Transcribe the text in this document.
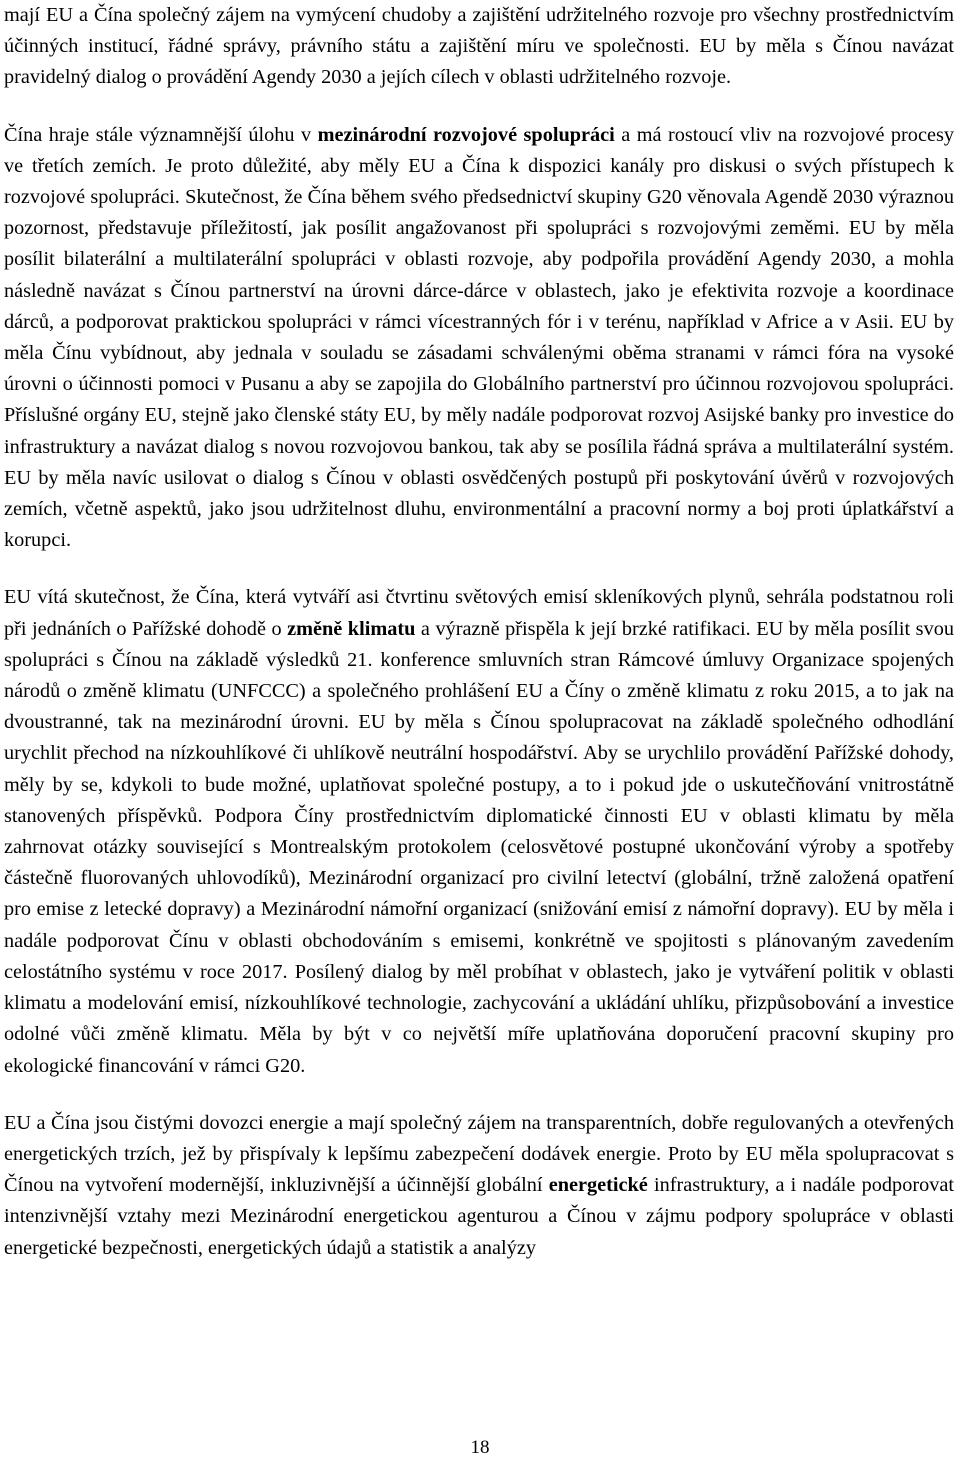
mají EU a Čína společný zájem na vymýcení chudoby a zajištění udržitelného rozvoje pro všechny prostřednictvím účinných institucí, řádné správy, právního státu a zajištění míru ve společnosti. EU by měla s Čínou navázat pravidelný dialog o provádění Agendy 2030 a jejích cílech v oblasti udržitelného rozvoje.

Čína hraje stále významnější úlohu v mezinárodní rozvojové spolupráci a má rostoucí vliv na rozvojové procesy ve třetích zemích. Je proto důležité, aby měly EU a Čína k dispozici kanály pro diskusi o svých přístupech k rozvojové spolupráci. Skutečnost, že Čína během svého předsednictví skupiny G20 věnovala Agendě 2030 výraznou pozornost, představuje příležitostí, jak posílit angažovanost při spolupráci s rozvojovými zeměmi. EU by měla posílit bilaterální a multilaterální spolupráci v oblasti rozvoje, aby podpořila provádění Agendy 2030, a mohla následně navázat s Čínou partnerství na úrovni dárce-dárce v oblastech, jako je efektivita rozvoje a koordinace dárců, a podporovat praktickou spolupráci v rámci vícestranných fór i v terénu, například v Africe a v Asii. EU by měla Čínu vybídnout, aby jednala v souladu se zásadami schválenými oběma stranami v rámci fóra na vysoké úrovni o účinnosti pomoci v Pusanu a aby se zapojila do Globálního partnerství pro účinnou rozvojovou spolupráci. Příslušné orgány EU, stejně jako členské státy EU, by měly nadále podporovat rozvoj Asijské banky pro investice do infrastruktury a navázat dialog s novou rozvojovou bankou, tak aby se posílila řádná správa a multilaterální systém. EU by měla navíc usilovat o dialog s Čínou v oblasti osvědčených postupů při poskytování úvěrů v rozvojových zemích, včetně aspektů, jako jsou udržitelnost dluhu, environmentální a pracovní normy a boj proti úplatkářství a korupci.

EU vítá skutečnost, že Čína, která vytváří asi čtvrtinu světových emisí skleníkových plynů, sehrála podstatnou roli při jednáních o Pařížské dohodě o změně klimatu a výrazně přispěla k její brzké ratifikaci. EU by měla posílit svou spolupráci s Čínou na základě výsledků 21. konference smluvních stran Rámcové úmluvy Organizace spojených národů o změně klimatu (UNFCCC) a společného prohlášení EU a Číny o změně klimatu z roku 2015, a to jak na dvoustranné, tak na mezinárodní úrovni. EU by měla s Čínou spolupracovat na základě společného odhodlání urychlit přechod na nízkouhlíkové či uhlíkově neutrální hospodářství. Aby se urychlilo provádění Pařížské dohody, měly by se, kdykoli to bude možné, uplatňovat společné postupy, a to i pokud jde o uskutečňování vnitrostátně stanovených příspěvků. Podpora Číny prostřednictvím diplomatické činnosti EU v oblasti klimatu by měla zahrnovat otázky související s Montrealským protokolem (celosvětové postupné ukončování výroby a spotřeby částečně fluorovaných uhlovodíků), Mezinárodní organizací pro civilní letectví (globální, tržně založená opatření pro emise z letecké dopravy) a Mezinárodní námořní organizací (snižování emisí z námořní dopravy). EU by měla i nadále podporovat Čínu v oblasti obchodováním s emisemi, konkrétně ve spojitosti s plánovaným zavedením celostátního systému v roce 2017. Posílený dialog by měl probíhat v oblastech, jako je vytváření politik v oblasti klimatu a modelování emisí, nízkouhlíkové technologie, zachycování a ukládání uhlíku, přizpůsobování a investice odolné vůči změně klimatu. Měla by být v co největší míře uplatňována doporučení pracovní skupiny pro ekologické financování v rámci G20.

EU a Čína jsou čistými dovozci energie a mají společný zájem na transparentních, dobře regulovaných a otevřených energetických trzích, jež by přispívaly k lepšímu zabezpečení dodávek energie. Proto by EU měla spolupracovat s Čínou na vytvoření modernější, inkluzivnější a účinnější globální energetické infrastruktury, a i nadále podporovat intenzivnější vztahy mezi Mezinárodní energetickou agenturou a Čínou v zájmu podpory spolupráce v oblasti energetické bezpečnosti, energetických údajů a statistik a analýzy

18
